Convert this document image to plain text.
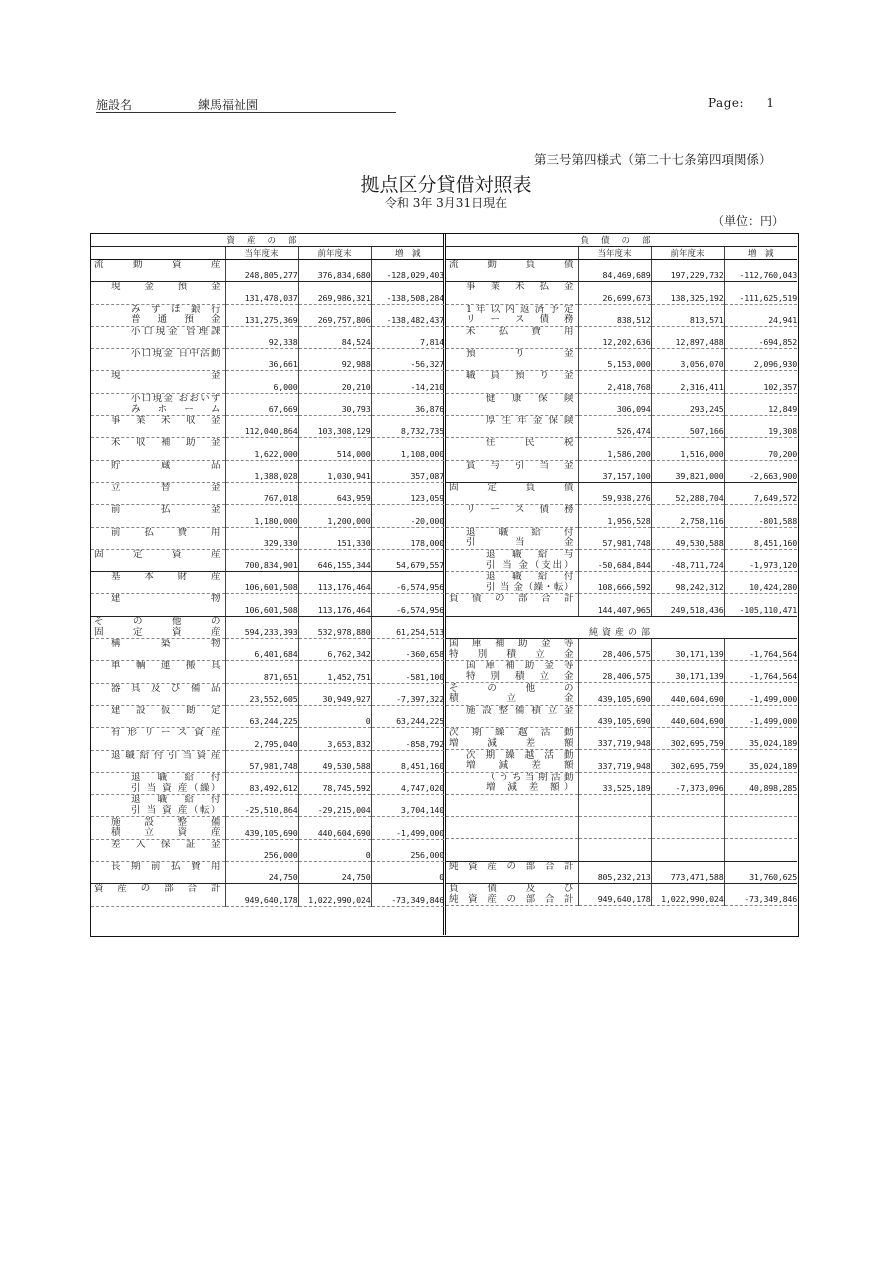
施設名	練馬福祉園	Page: 1
第三号第四様式（第二十七条第四項関係）
拠点区分貸借対照表
令和 3年 3月31日現在
（単位：円）
資産の部			
	当年度末	前年度末	増　減

流 動 資 産	248,805,277	376,834,680	-128,029,403

現 金 預 金	131,478,037	269,986,321	-138,508,284

みずほ銀行
普 通 預 金	131,275,369	269,757,806	-138,482,437

小口現金 管理課	92,338	84,524	7,814

小口現金 日中活動	36,661	92,988	-56,327

現 金	6,000	20,210	-14,210

小口現金 おおいず
み ホ ー ム	67,669	30,793	36,876

事 業 未 収 金	112,040,864	103,308,129	8,732,735

未 収 補 助 金	1,622,000	514,000	1,108,000

貯 蔵 品	1,388,028	1,030,941	357,087

立 替 金	767,018	643,959	123,059

前 払 金	1,180,000	1,200,000	-20,000

前 払 費 用	329,330	151,330	178,000

固 定 資 産	700,834,901	646,155,344	54,679,557

基 本 財 産	106,601,508	113,176,464	-6,574,956

建 物	106,601,508	113,176,464	-6,574,956

そ の 他 の
固 定 資 産	594,233,393	532,978,880	61,254,513

構 築 物	6,401,684	6,762,342	-360,658

車 輌 運 搬 具	871,651	1,452,751	-581,100

器 具 及 び 備 品	23,552,605	30,949,927	-7,397,322

建 設 仮 勘 定	63,244,225	0	63,244,225

有 形 リ ー ス 資 産	2,795,040	3,653,832	-858,792

退 職 給 付 引 当 資 産	57,981,748	49,530,588	8,451,160

退 職 給 付
引 当 資 産（繰）	83,492,612	78,745,592	4,747,020

退 職 給 付
引 当 資 産（転）	-25,510,864	-29,215,004	3,704,140

施 設 整 備
積 立 資 産	439,105,690	440,604,690	-1,499,000

差 入 保 証 金	256,000	0	256,000

長 期 前 払 費 用	24,750	24,750	0

資 産 の 部 合 計	949,640,178	1,022,990,024	-73,349,846
負債の部			
	当年度末	前年度末	増　減

流 動 負 債	84,469,689	197,229,732	-112,760,043

事 業 未 払 金	26,699,673	138,325,192	-111,625,519

1 年 以 内 返 済 予 定
リ ー ス 債 務	838,512	813,571	24,941

未 払 費 用	12,202,636	12,897,488	-694,852

預 り 金	5,153,000	3,056,070	2,096,930

職 員 預 り 金	2,418,768	2,316,411	102,357

健 康 保 険	306,094	293,245	12,849

厚 生 年 金 保 険	526,474	507,166	19,308

住 民 税	1,586,200	1,516,000	70,200

賞 与 引 当 金	37,157,100	39,821,000	-2,663,900

固 定 負 債	59,938,276	52,288,704	7,649,572

リ ー ス 債 務	1,956,528	2,758,116	-801,588

退 職 給 付
引 当 金	57,981,748	49,530,588	8,451,160

退 職 給 与
引 当 金（支出）	-50,684,844	-48,711,724	-1,973,120

退 職 給 付
引 当 金（繰・転）	108,666,592	98,242,312	10,424,280

負 債 の 部 合 計	144,407,965	249,518,436	-105,110,471
純資産の部			

国 庫 補 助 金 等
特 別 積 立 金	28,406,575	30,171,139	-1,764,564

国 庫 補 助 金 等
特 別 積 立 金	28,406,575	30,171,139	-1,764,564

そ の 他 の
積 立 金	439,105,690	440,604,690	-1,499,000

施 設 整 備 積 立 金	439,105,690	440,604,690	-1,499,000

次 期 繰 越 活 動
増 減 差 額	337,719,948	302,695,759	35,024,189

次 期 繰 越 活 動
増 減 差 額	337,719,948	302,695,759	35,024,189

（うち当期活動
増 減 差 額）	33,525,189	-7,373,096	40,898,285

純 資 産 の 部 合 計	805,232,213	773,471,588	31,760,625

負 債 及 び
純 資 産 の 部 合 計	949,640,178	1,022,990,024	-73,349,846
